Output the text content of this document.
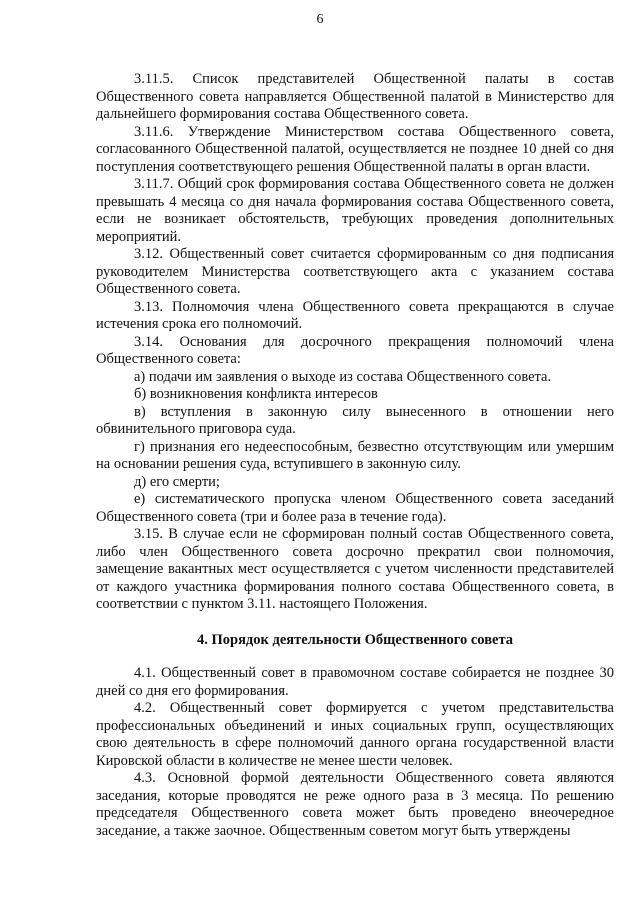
6

3.11.5. Список представителей Общественной палаты в состав Общественного совета направляется Общественной палатой в Министерство для дальнейшего формирования состава Общественного совета.

3.11.6. Утверждение Министерством состава Общественного совета, согласованного Общественной палатой, осуществляется не позднее 10 дней со дня поступления соответствующего решения Общественной палаты в орган власти.

3.11.7. Общий срок формирования состава Общественного совета не должен превышать 4 месяца со дня начала формирования состава Общественного совета, если не возникает обстоятельств, требующих проведения дополнительных мероприятий.

3.12. Общественный совет считается сформированным со дня подписания руководителем Министерства соответствующего акта с указанием состава Общественного совета.

3.13. Полномочия члена Общественного совета прекращаются в случае истечения срока его полномочий.

3.14. Основания для досрочного прекращения полномочий члена Общественного совета:

а) подачи им заявления о выходе из состава Общественного совета.

б) возникновения конфликта интересов

в) вступления в законную силу вынесенного в отношении него обвинительного приговора суда.

г) признания его недееспособным, безвестно отсутствующим или умершим на основании решения суда, вступившего в законную силу.

д) его смерти;

е) систематического пропуска членом Общественного совета заседаний Общественного совета (три и более раза в течение года).

3.15. В случае если не сформирован полный состав Общественного совета, либо член Общественного совета досрочно прекратил свои полномочия, замещение вакантных мест осуществляется с учетом численности представителей от каждого участника формирования полного состава Общественного совета, в соответствии с пунктом 3.11. настоящего Положения.

4. Порядок деятельности Общественного совета

4.1. Общественный совет в правомочном составе собирается не позднее 30 дней со дня его формирования.

4.2. Общественный совет формируется с учетом представительства профессиональных объединений и иных социальных групп, осуществляющих свою деятельность в сфере полномочий данного органа государственной власти Кировской области в количестве не менее шести человек.

4.3. Основной формой деятельности Общественного совета являются заседания, которые проводятся не реже одного раза в 3 месяца. По решению председателя Общественного совета может быть проведено внеочередное заседание, а также заочное. Общественным советом могут быть утверждены
